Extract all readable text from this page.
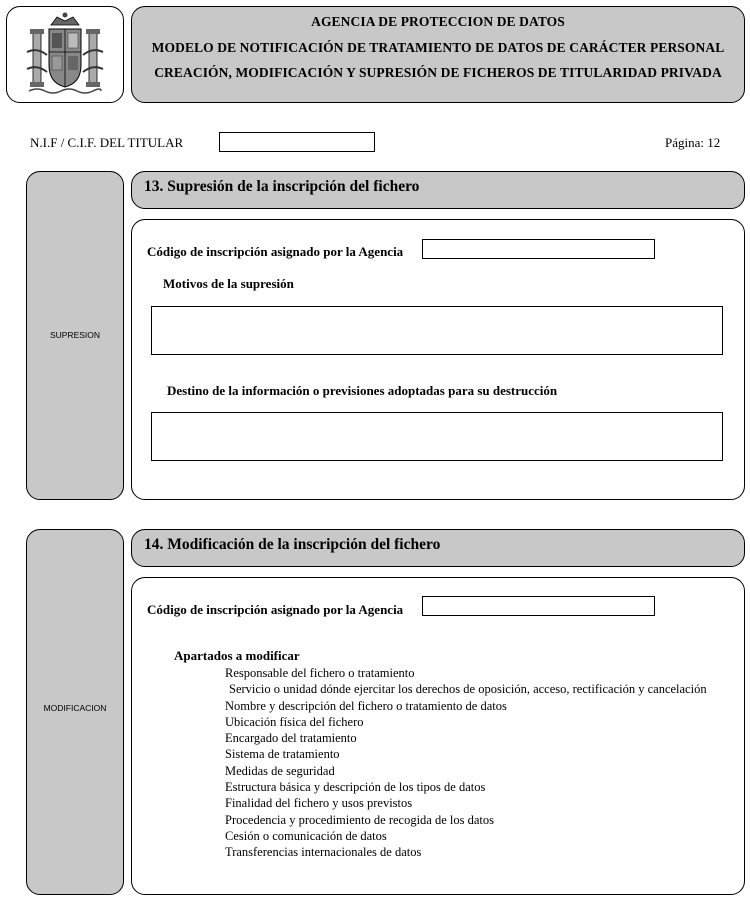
AGENCIA DE PROTECCION DE DATOS
MODELO DE NOTIFICACIÓN DE TRATAMIENTO DE DATOS DE CARÁCTER PERSONAL
CREACIÓN, MODIFICACIÓN Y SUPRESIÓN DE FICHEROS DE TITULARIDAD PRIVADA
N.I.F / C.I.F. DEL TITULAR	Página: 12
SUPRESION
13. Supresión de la inscripción del fichero
Código de inscripción asignado por la Agencia
Motivos de la supresión
Destino de la información o previsiones adoptadas para su destrucción
MODIFICACION
14. Modificación de la inscripción del fichero
Código de inscripción asignado por la Agencia
Apartados a modificar
Responsable del fichero o tratamiento
Servicio o unidad dónde ejercitar los derechos de oposición, acceso, rectificación y cancelación
Nombre y descripción del fichero o tratamiento de datos
Ubicación física del fichero
Encargado del tratamiento
Sistema de tratamiento
Medidas de seguridad
Estructura básica y descripción de los tipos de datos
Finalidad del fichero y usos previstos
Procedencia y procedimiento de recogida de los datos
Cesión o comunicación de datos
Transferencias internacionales de datos
